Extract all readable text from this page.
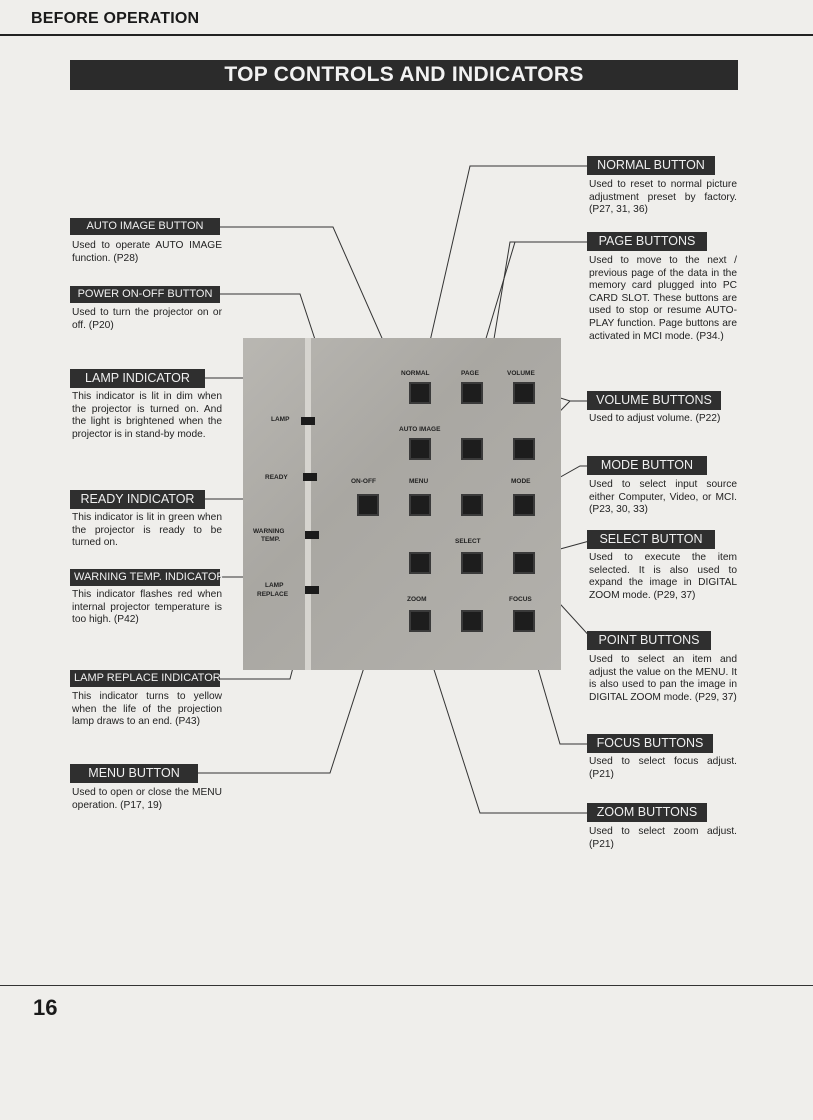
BEFORE OPERATION
TOP CONTROLS AND INDICATORS
LAMP
READY
WARNING
TEMP.
LAMP
REPLACE
NORMAL	PAGE	VOLUME
AUTO IMAGE
ON-OFF	MENU	MODE
SELECT
ZOOM	FOCUS
AUTO IMAGE BUTTON
Used to operate AUTO IMAGE function. (P28)
POWER ON-OFF BUTTON
Used to turn the projector on or off. (P20)
LAMP INDICATOR
This indicator is lit in dim when the projector is turned on. And the light is brightened when the projector is in stand-by mode.
READY INDICATOR
This indicator is lit in green when the projector is ready to be turned on.
WARNING TEMP. INDICATOR
This indicator flashes red when internal projector temperature is too high. (P42)
LAMP REPLACE INDICATOR
This indicator turns to yellow when the life of the projection lamp draws to an end. (P43)
MENU BUTTON
Used to open or close the MENU operation. (P17, 19)
NORMAL BUTTON
Used to reset to normal picture adjustment preset by factory. (P27, 31, 36)
PAGE BUTTONS
Used to move to the next / previous page of the data in the memory card plugged into PC CARD SLOT. These buttons are used to stop or resume AUTO-PLAY function. Page buttons are activated in MCI mode. (P34.)
VOLUME BUTTONS
Used to adjust volume. (P22)
MODE BUTTON
Used to select input source either Computer, Video, or MCI. (P23, 30, 33)
SELECT BUTTON
Used to execute the item selected. It is also used to expand the image in DIGITAL ZOOM mode. (P29, 37)
POINT BUTTONS
Used to select an item and adjust the value on the MENU. It is also used to pan the image in DIGITAL ZOOM mode. (P29, 37)
FOCUS BUTTONS
Used to select focus adjust. (P21)
ZOOM BUTTONS
Used to select zoom adjust. (P21)
16
